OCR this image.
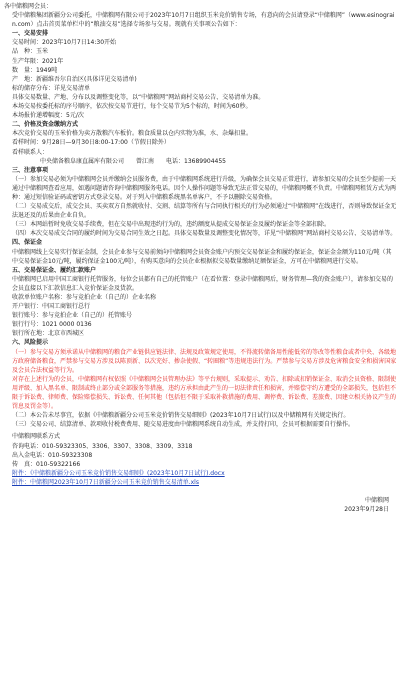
各中储粮网会员：

受中储粮集团新疆分公司委托，中储粮网有限公司于2023年10月7日组织玉米竞价销售专场，有意向的会员请登录“中储粮网”（www.esinograin.com）点击首页菜单栏中的“粮油交易”选择专场参与交易。现就有关事项公告如下：

一、交易安排

交易时间：2023年10月7日14:30开始

品　种：玉米

生产年限：2021年

数　量：1949吨

产　地：新疆维吾尔自治区(具体详见交易清单)

标的储存分布：详见交易清单

具体交易数量、产地、分布以及调整变化等，以“中储粮网”网站商村交易公告、交易清单为准。

本场交易按委托标的序号顺序，依次按交易节进行，每个交易节为5个标的，时间为60秒。

本场报价递增幅度：5元/次

二、价格及资金缴纳方式

本次竞价交易的玉米价格为卖方散粮汽车板价。粮食质量以仓内实物为准，水、杂爆扣量。

看样时间：9月28日—9月30日8:00-17:00（节假日除外）

看样联系人：

中央储备粮阜康直属库有限公司　　曾江南　　电话：13689904455

三、注意事项

（一）参加交易必须为中储粮网会员并缴纳会员服务费，由于中储粮网系统进行升级，为确保会员交易正常进行，请参加交易的会员至少提前一天通过中储粮网查看应用，如遇问题请咨询中储粮网服务电话。因个人操作问题等导致无法正常交易的，中储粮网概不负责。中储粮网租赁方式为两种：通过短信验证码或密钥方式登录交易。对于列入中储粮系统黑名单客户，不予以删除交易资格。

（二）交易成交后，成交会员、买卖双方自然就收付、交割、结算等所有与合同执行相关的行为必须通过“中储粮网”在线进行，否则导致保证金无法退还及的后果由企业自负。

（三）本网站暂时免收交易手续费，但在交易中出现违约行为的，违约额度从提成交易保证金及履约保证金等全部扣除。

（四）本次交易成交合同的履约时间为交易合同生效之日起。具体交易数量及调整变化情况等，详见“中储粮网”网站商村交易公告、交易清单等。

四、保证金

中储粮网线上交易实行保证金制，会员企业参与交易前须向中储粮网会员资金账户内预交交易保证金和履约保证金，保证金金额为110元/吨（其中交易保证金10元/吨，履约保证金100元/吨），有购买意向的会员企业根据拟交易数量缴纳足额保证金，方可在中储粮网进行交易。

五、交易保证金、履约汇款账户

中储粮网已启用中国工商银行托管服务，每位会员都有自己的托管账户（在看位置：登录中储粮网后，财务管理—我的资金账户），请参加交易的会员直接以下汇款信息汇入竞价保证金及货款。

收款单位账户名称：参与竞拍企业（自己的）企业名称

开户银行：中国工商银行总行

银行账号：参与竞拍企业（自己的）托管账号

银行行号：1021 0000 0136

银行所在地：北京市西城区

六、风险提示

（一）参与交易方须承诺从中储粮网的粮食产业链供应链法律、法规及政策规定使用，不得流转储备用性能低劣的等改等性粮食或者中央、各级地方政府储备粮食，严禁参与交易方涉及以陈顶新、以次充好、掺杂使假、“转圈粮”等违规违法行为。严禁参与交易方涉及危害粮食安全和损害国家及会员合法权益等行为。

对存在上述行为的会员，中储粮网有权依照《中储粮网会员管理办法》等平台规则，采取提示、劝告、扣除或扣销保证金、取消会员资格、限制使用评级、加入黑名单、限制或终止部分或全部服务等措施，违约方承担由此产生的一切法律责任和损害，并赔偿守约方遭受的全部损失，包括但不限于诉讼费、律师费、保险赔偿损失、诉讼费、任何其他（包括但不限于采取补救措施的费用、调停费、诉讼费、差旅费、因建立相关协议产生的罚息及罚金等）。

（二）本公告未尽事宜，依据《中储粮新疆分公司玉米竞价销售交易细则》(2023年10月7日试行)以及中储粮网有关规定执行。

（三）交易公司、结算清单、款项收付税费费用、随交易进度由中储粮网系统自动生成，并支持打印，会员可根据需要自行操作。

中储粮网联系方式

咨询电话：010-59323305、3306、3307、3308、3309、3318

出入金电话：010-59323308

传　真：010-59322166

附件：《中储粮新疆分公司玉米竞价销售交易细则》(2023年10月7日试行).docx

附件：中储粮网2023年10月7日新疆分公司玉米竞价销售交易清单.xls

中储粮网

2023年9月28日
